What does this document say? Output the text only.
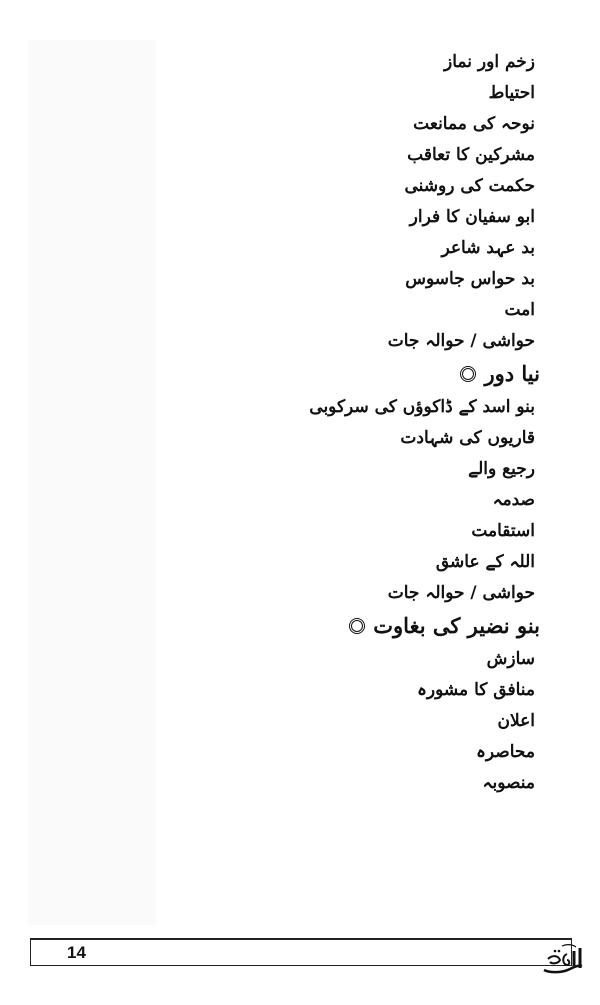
زخم اور نماز
احتیاط
نوحہ کی ممانعت
مشرکین کا تعاقب
حکمت کی روشنی
ابو سفیان کا فرار
بد عہد شاعر
بد حواس جاسوس
امت
حواشی / حوالہ جات
نیا دور
بنو اسد کے ڈاکوؤں کی سرکوبی
قاریوں کی شہادت
رجیع والے
صدمہ
استقامت
اللہ کے عاشق
حواشی / حوالہ جات
بنو نضیر کی بغاوت
سازش
منافق کا مشورہ
اعلان
محاصرہ
منصوبہ
14
